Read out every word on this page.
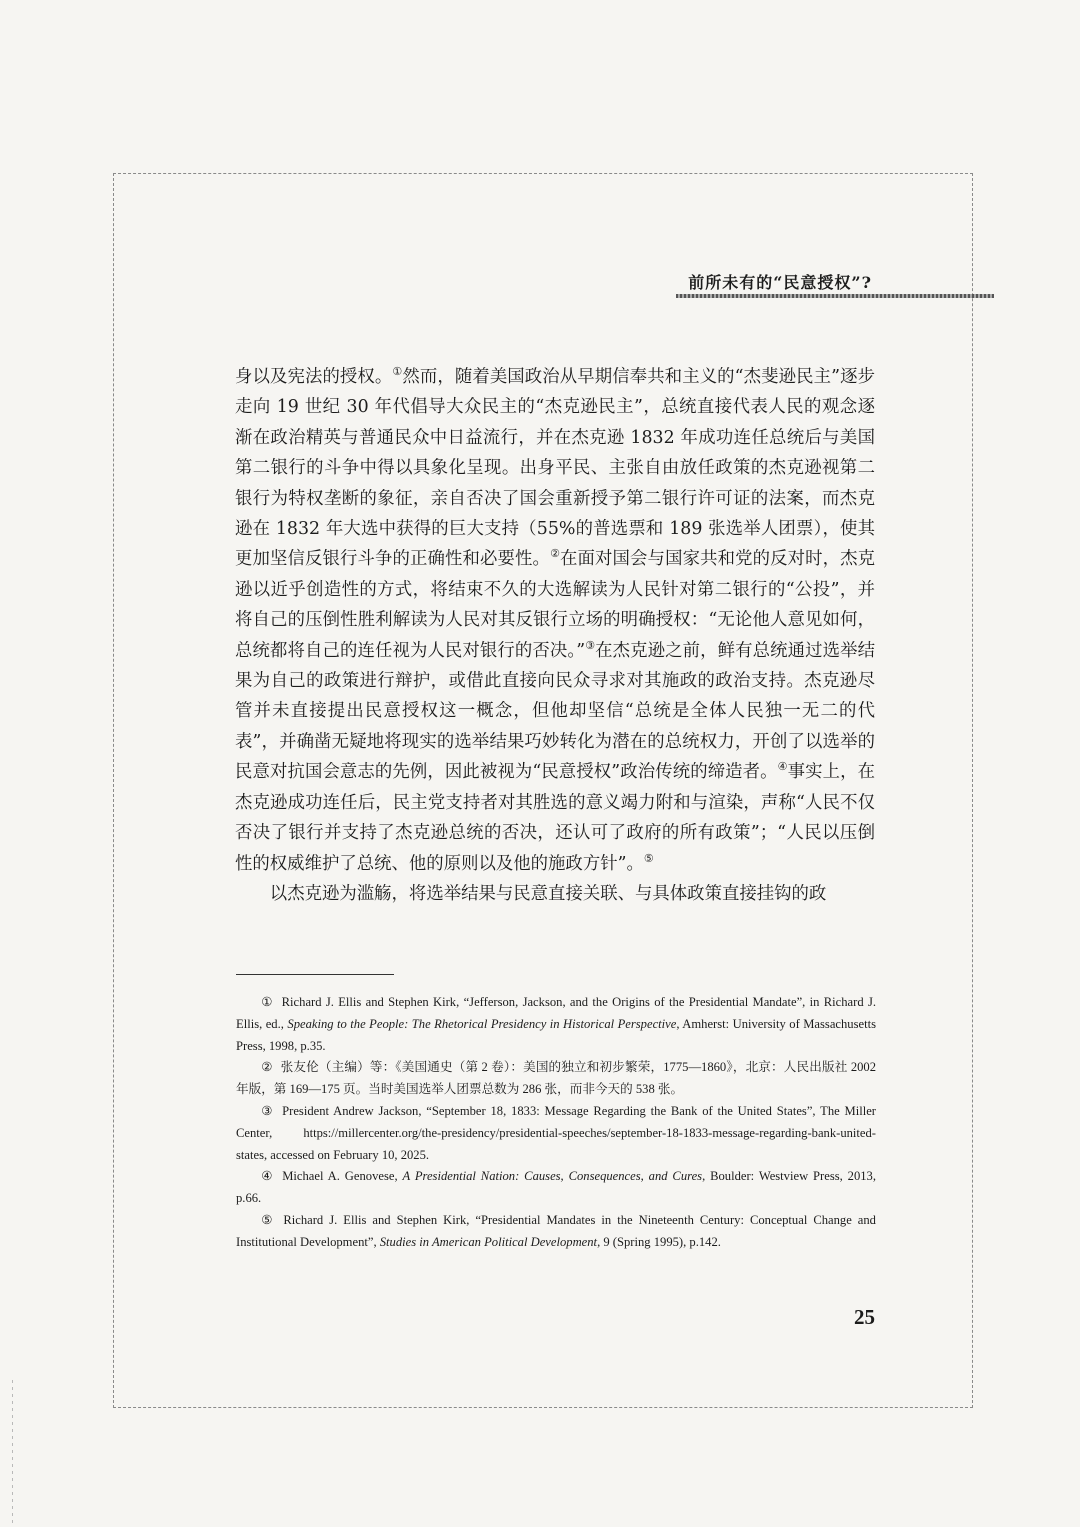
前所未有的“民意授权”?

身以及宪法的授权。①然而，随着美国政治从早期信奉共和主义的“杰斐逊民主”逐步走向 19 世纪 30 年代倡导大众民主的“杰克逊民主”，总统直接代表人民的观念逐渐在政治精英与普通民众中日益流行，并在杰克逊 1832 年成功连任总统后与美国第二银行的斗争中得以具象化呈现。出身平民、主张自由放任政策的杰克逊视第二银行为特权垄断的象征，亲自否决了国会重新授予第二银行许可证的法案，而杰克逊在 1832 年大选中获得的巨大支持（55%的普选票和 189 张选举人团票），使其更加坚信反银行斗争的正确性和必要性。②在面对国会与国家共和党的反对时，杰克逊以近乎创造性的方式，将结束不久的大选解读为人民针对第二银行的“公投”，并将自己的压倒性胜利解读为人民对其反银行立场的明确授权：“无论他人意见如何，总统都将自己的连任视为人民对银行的否决。”③在杰克逊之前，鲜有总统通过选举结果为自己的政策进行辩护，或借此直接向民众寻求对其施政的政治支持。杰克逊尽管并未直接提出民意授权这一概念，但他却坚信“总统是全体人民独一无二的代表”，并确凿无疑地将现实的选举结果巧妙转化为潜在的总统权力，开创了以选举的民意对抗国会意志的先例，因此被视为“民意授权”政治传统的缔造者。④事实上，在杰克逊成功连任后，民主党支持者对其胜选的意义竭力附和与渲染，声称“人民不仅否决了银行并支持了杰克逊总统的否决，还认可了政府的所有政策”；“人民以压倒性的权威维护了总统、他的原则以及他的施政方针”。⑤

以杰克逊为滥觞，将选举结果与民意直接关联、与具体政策直接挂钩的政

① Richard J. Ellis and Stephen Kirk, “Jefferson, Jackson, and the Origins of the Presidential Mandate”, in Richard J. Ellis, ed., Speaking to the People: The Rhetorical Presidency in Historical Perspective, Amherst: University of Massachusetts Press, 1998, p.35.

② 张友伦（主编）等：《美国通史（第 2 卷）：美国的独立和初步繁荣，1775—1860》，北京：人民出版社 2002 年版，第 169—175 页。当时美国选举人团票总数为 286 张，而非今天的 538 张。

③ President Andrew Jackson, “September 18, 1833: Message Regarding the Bank of the United States”, The Miller Center, https://millercenter.org/the-presidency/presidential-speeches/september-18-1833-message-regarding-bank-united-states, accessed on February 10, 2025.

④ Michael A. Genovese, A Presidential Nation: Causes, Consequences, and Cures, Boulder: Westview Press, 2013, p.66.

⑤ Richard J. Ellis and Stephen Kirk, “Presidential Mandates in the Nineteenth Century: Conceptual Change and Institutional Development”, Studies in American Political Development, 9 (Spring 1995), p.142.

25
